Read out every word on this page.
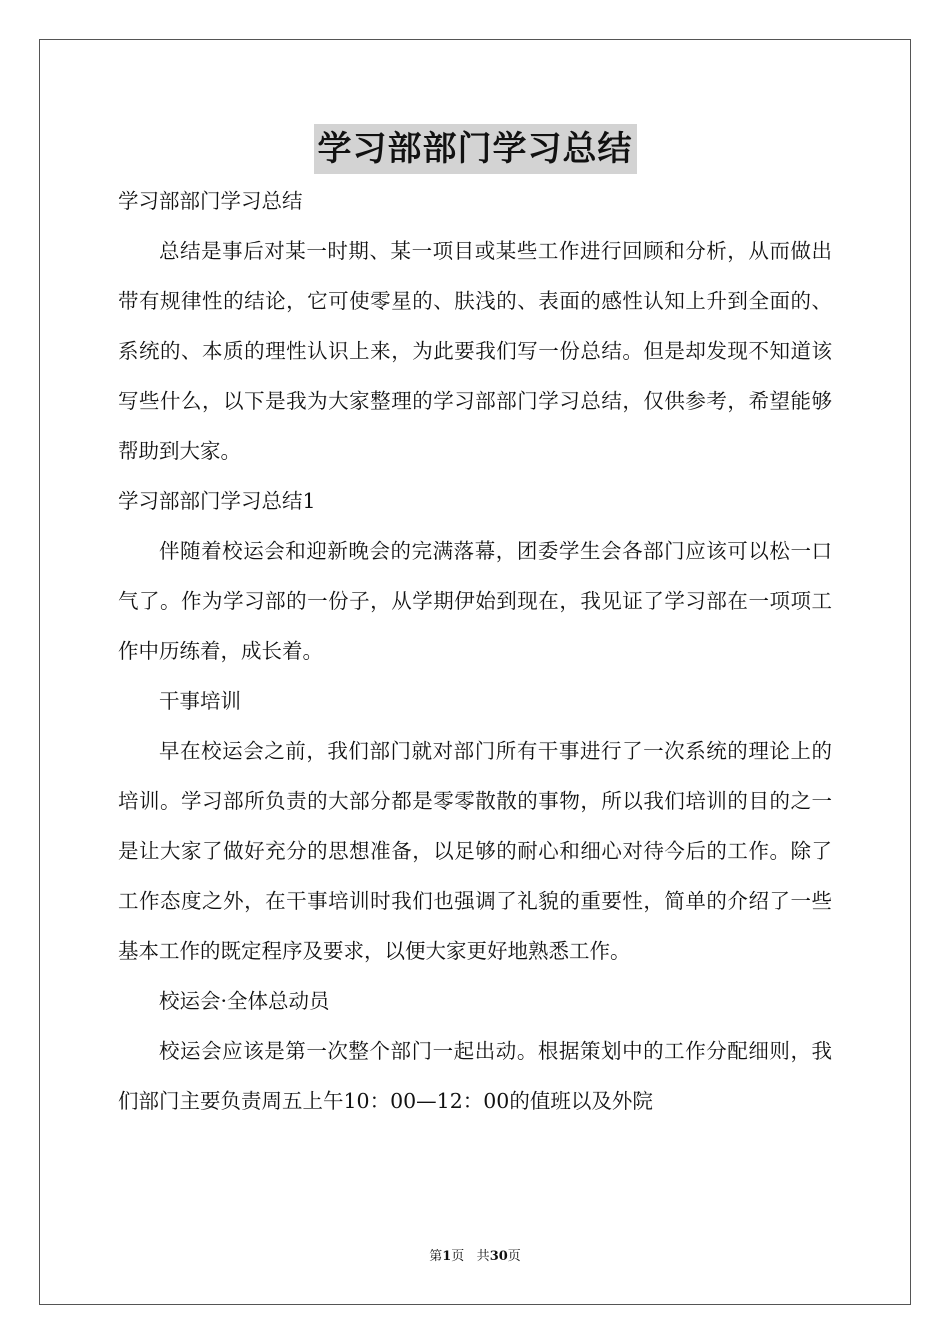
学习部部门学习总结

学习部部门学习总结

总结是事后对某一时期、某一项目或某些工作进行回顾和分析，从而做出带有规律性的结论，它可使零星的、肤浅的、表面的感性认知上升到全面的、系统的、本质的理性认识上来，为此要我们写一份总结。但是却发现不知道该写些什么，以下是我为大家整理的学习部部门学习总结，仅供参考，希望能够帮助到大家。

学习部部门学习总结1

伴随着校运会和迎新晚会的完满落幕，团委学生会各部门应该可以松一口气了。作为学习部的一份子，从学期伊始到现在，我见证了学习部在一项项工作中历练着，成长着。

干事培训

早在校运会之前，我们部门就对部门所有干事进行了一次系统的理论上的培训。学习部所负责的大部分都是零零散散的事物，所以我们培训的目的之一是让大家了做好充分的思想准备，以足够的耐心和细心对待今后的工作。除了工作态度之外，在干事培训时我们也强调了礼貌的重要性，简单的介绍了一些基本工作的既定程序及要求，以便大家更好地熟悉工作。

校运会·全体总动员

校运会应该是第一次整个部门一起出动。根据策划中的工作分配细则，我们部门主要负责周五上午10：00—12：00的值班以及外院

第1页 共30页
